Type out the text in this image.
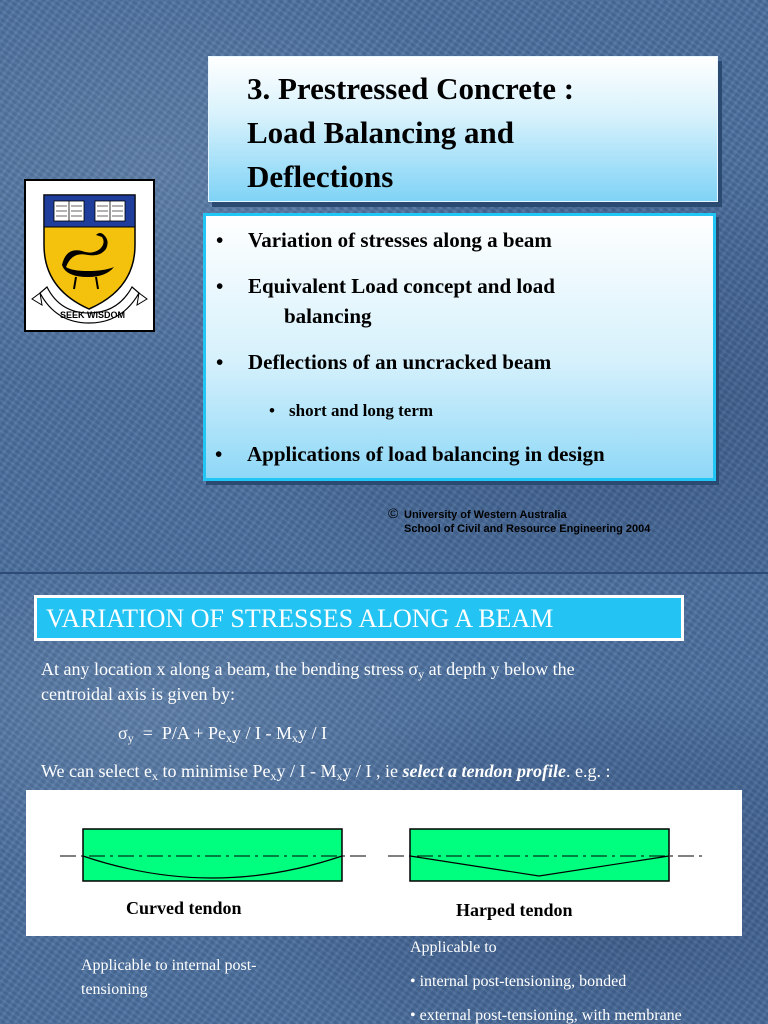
3. Prestressed Concrete :
Load Balancing and
Deflections
SEEK WISDOM
• Variation of stresses along a beam
• Equivalent Load concept and load
balancing
• Deflections of an uncracked beam
• short and long term
• Applications of load balancing in design
© University of Western Australia
School of Civil and Resource Engineering 2004
VARIATION OF STRESSES ALONG A BEAM
At any location x along a beam, the bending stress $\sigma_y$ at depth y below the
centroidal axis is given by:
$\sigma_y = P/A + Pe_xy / I - M_xy / I$
We can select $e_x$ to minimise $Pe_xy$ / I - $M_xy$ / I , ie select a tendon profile. e.g. :
Curved tendon	Harped tendon
Applicable to internal post-
tensioning
Applicable to
• internal post-tensioning, bonded
• external post-tensioning, with membrane
